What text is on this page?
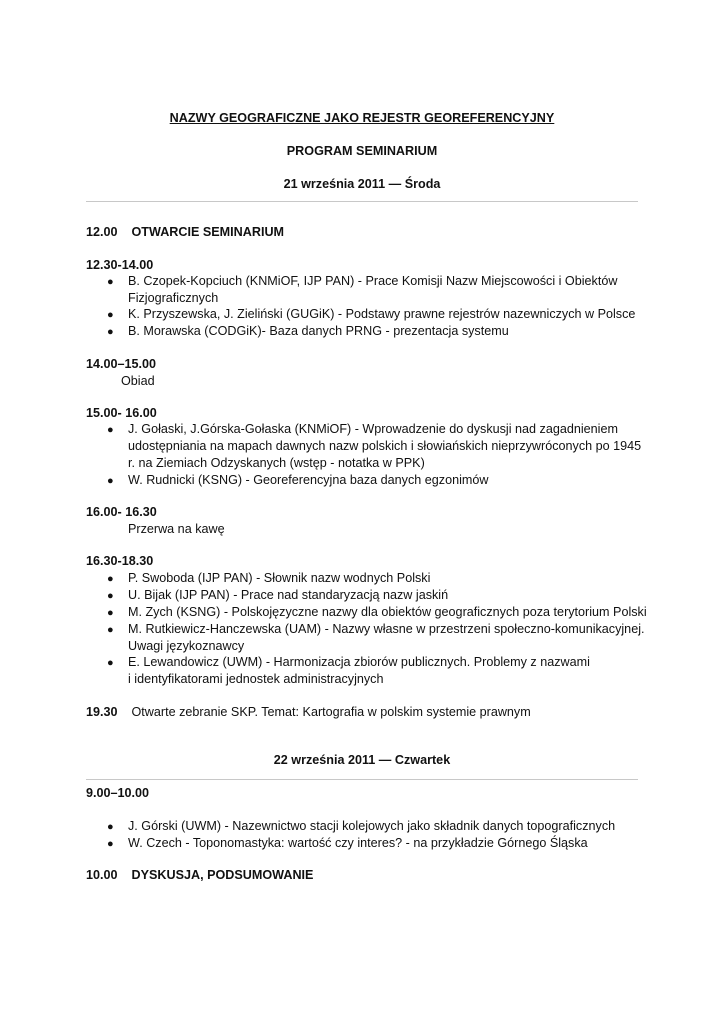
NAZWY GEOGRAFICZNE JAKO REJESTR GEOREFERENCYJNY
PROGRAM SEMINARIUM
21 września 2011 — Środa
12.00 OTWARCIE SEMINARIUM
12.30-14.00
● B. Czopek-Kopciuch (KNMiOF, IJP PAN) - Prace Komisji Nazw Miejscowości i Obiektów
Fizjograficznych
● K. Przyszewska, J. Zieliński (GUGiK) - Podstawy prawne rejestrów nazewniczych w Polsce
● B. Morawska (CODGiK)- Baza danych PRNG - prezentacja systemu
14.00–15.00
Obiad
15.00- 16.00
● J. Gołaski, J.Górska-Gołaska (KNMiOF) - Wprowadzenie do dyskusji nad zagadnieniem
udostępniania na mapach dawnych nazw polskich i słowiańskich nieprzywróconych po 1945
r. na Ziemiach Odzyskanych (wstęp - notatka w PPK)
● W. Rudnicki (KSNG) - Georeferencyjna baza danych egzonimów
16.00- 16.30
Przerwa na kawę
16.30-18.30
● P. Swoboda (IJP PAN) - Słownik nazw wodnych Polski
● U. Bijak (IJP PAN) - Prace nad standaryzacją nazw jaskiń
● M. Zych (KSNG) - Polskojęzyczne nazwy dla obiektów geograficznych poza terytorium Polski
● M. Rutkiewicz-Hanczewska (UAM) - Nazwy własne w przestrzeni społeczno-komunikacyjnej.
Uwagi językoznawcy
● E. Lewandowicz (UWM) - Harmonizacja zbiorów publicznych. Problemy z nazwami
i identyfikatorami jednostek administracyjnych
19.30 Otwarte zebranie SKP. Temat: Kartografia w polskim systemie prawnym
22 września 2011 — Czwartek
9.00–10.00
● J. Górski (UWM) - Nazewnictwo stacji kolejowych jako składnik danych topograficznych
● W. Czech - Toponomastyka: wartość czy interes? - na przykładzie Górnego Śląska
10.00 DYSKUSJA, PODSUMOWANIE
